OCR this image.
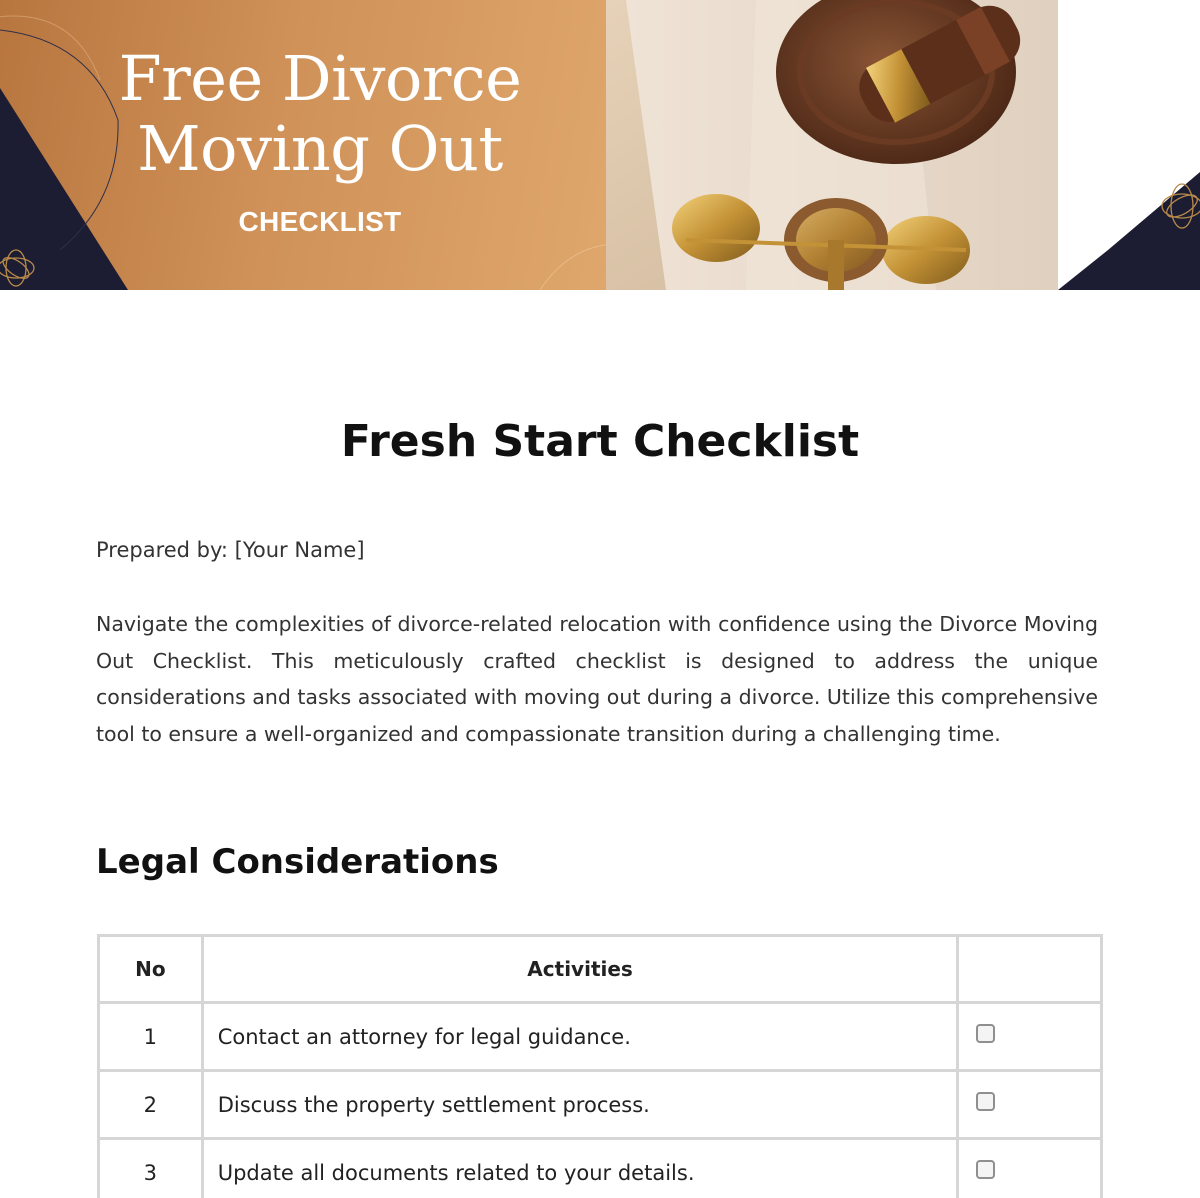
Free Divorce
Moving Out
CHECKLIST
Fresh Start Checklist

Prepared by: [Your Name]

Navigate the complexities of divorce-related relocation with confidence using the Divorce Moving Out Checklist. This meticulously crafted checklist is designed to address the unique considerations and tasks associated with moving out during a divorce. Utilize this comprehensive tool to ensure a well-organized and compassionate transition during a challenging time.

Legal Considerations
No	Activities	
1	Contact an attorney for legal guidance.	
2	Discuss the property settlement process.	
3	Update all documents related to your details.	
